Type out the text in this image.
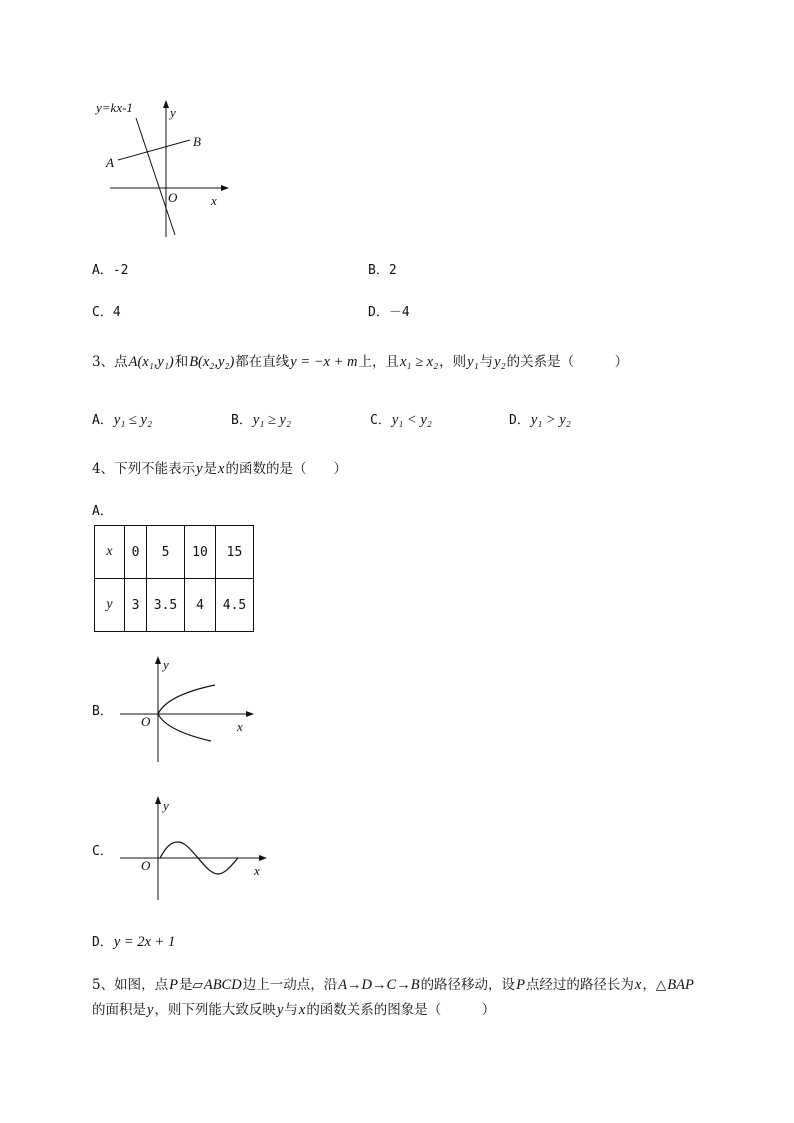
y=kx-1	y
A
B
O	x
A．-2	B．2
C．4	D．－4
3、点A(x₁,y₁)和B(x₂,y₂)都在直线y = −x + m上，且x₁ ≥ x₂，则y₁与y₂的关系是（　　　）
A．y₁ ≤ y₂	B．y₁ ≥ y₂	C．y₁ < y₂	D．y₁ > y₂
4、下列不能表示y是x的函数的是（　　）
A．
x	0	5	10	15
y	3	3.5	4	4.5
B．
y
O	x
C．
y
O	x
D．y = 2x + 1
5、如图，点P是▱ABCD边上一动点，沿A→D→C→B的路径移动，设P点经过的路径长为x，△BAP
的面积是y，则下列能大致反映y与x的函数关系的图象是（　　　）
